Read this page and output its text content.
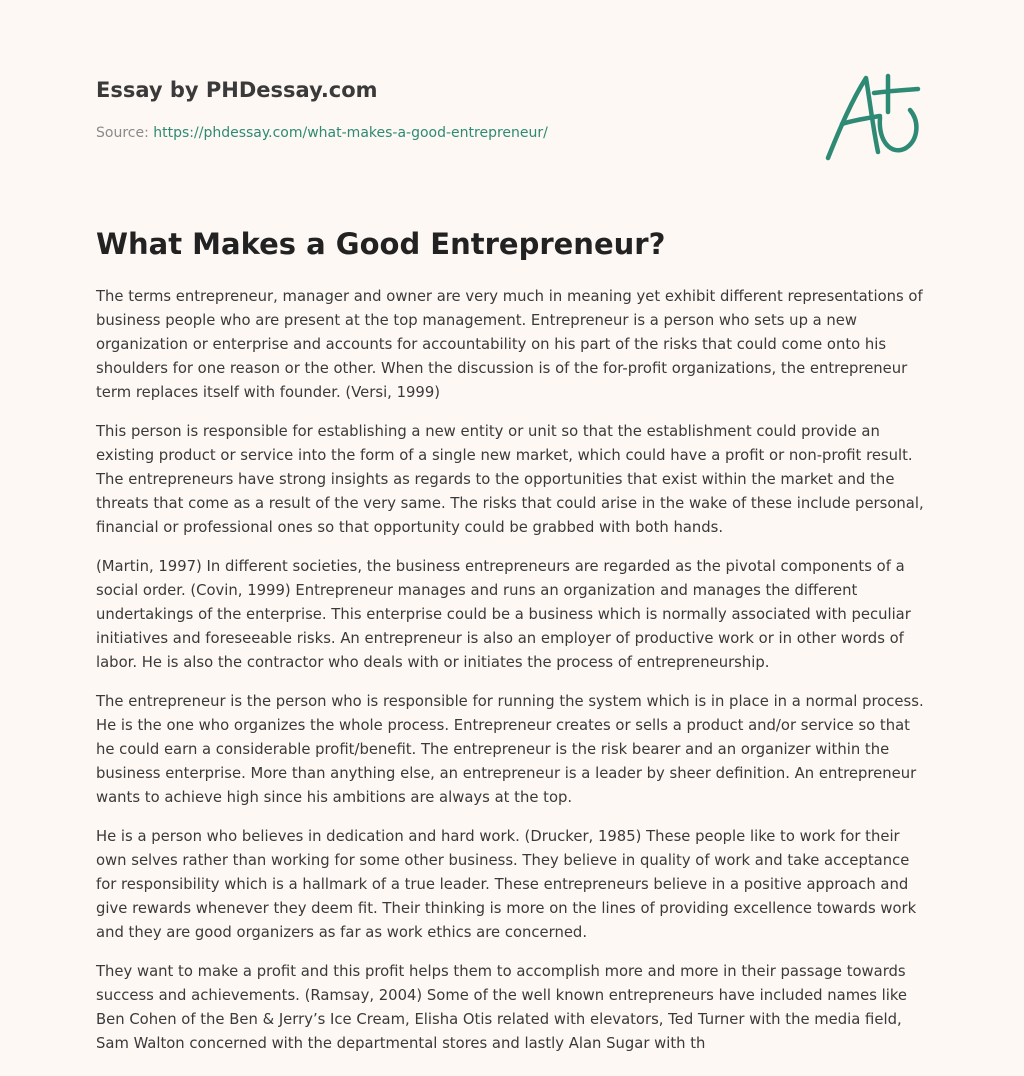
Essay by PHDessay.com
Source: https://phdessay.com/what-makes-a-good-entrepreneur/
What Makes a Good Entrepreneur?

The terms entrepreneur, manager and owner are very much in meaning yet exhibit different representations of business people who are present at the top management. Entrepreneur is a person who sets up a new organization or enterprise and accounts for accountability on his part of the risks that could come onto his shoulders for one reason or the other. When the discussion is of the for-profit organizations, the entrepreneur term replaces itself with founder. (Versi, 1999)

This person is responsible for establishing a new entity or unit so that the establishment could provide an existing product or service into the form of a single new market, which could have a profit or non-profit result. The entrepreneurs have strong insights as regards to the opportunities that exist within the market and the threats that come as a result of the very same. The risks that could arise in the wake of these include personal, financial or professional ones so that opportunity could be grabbed with both hands.

(Martin, 1997) In different societies, the business entrepreneurs are regarded as the pivotal components of a social order. (Covin, 1999) Entrepreneur manages and runs an organization and manages the different undertakings of the enterprise. This enterprise could be a business which is normally associated with peculiar initiatives and foreseeable risks. An entrepreneur is also an employer of productive work or in other words of labor. He is also the contractor who deals with or initiates the process of entrepreneurship.

The entrepreneur is the person who is responsible for running the system which is in place in a normal process. He is the one who organizes the whole process. Entrepreneur creates or sells a product and/or service so that he could earn a considerable profit/benefit. The entrepreneur is the risk bearer and an organizer within the business enterprise. More than anything else, an entrepreneur is a leader by sheer definition. An entrepreneur wants to achieve high since his ambitions are always at the top.

He is a person who believes in dedication and hard work. (Drucker, 1985) These people like to work for their own selves rather than working for some other business. They believe in quality of work and take acceptance for responsibility which is a hallmark of a true leader. These entrepreneurs believe in a positive approach and give rewards whenever they deem fit. Their thinking is more on the lines of providing excellence towards work and they are good organizers as far as work ethics are concerned.

They want to make a profit and this profit helps them to accomplish more and more in their passage towards success and achievements. (Ramsay, 2004) Some of the well known entrepreneurs have included names like Ben Cohen of the Ben & Jerry’s Ice Cream, Elisha Otis related with elevators, Ted Turner with the media field, Sam Walton concerned with the departmental stores and lastly Alan Sugar with th
